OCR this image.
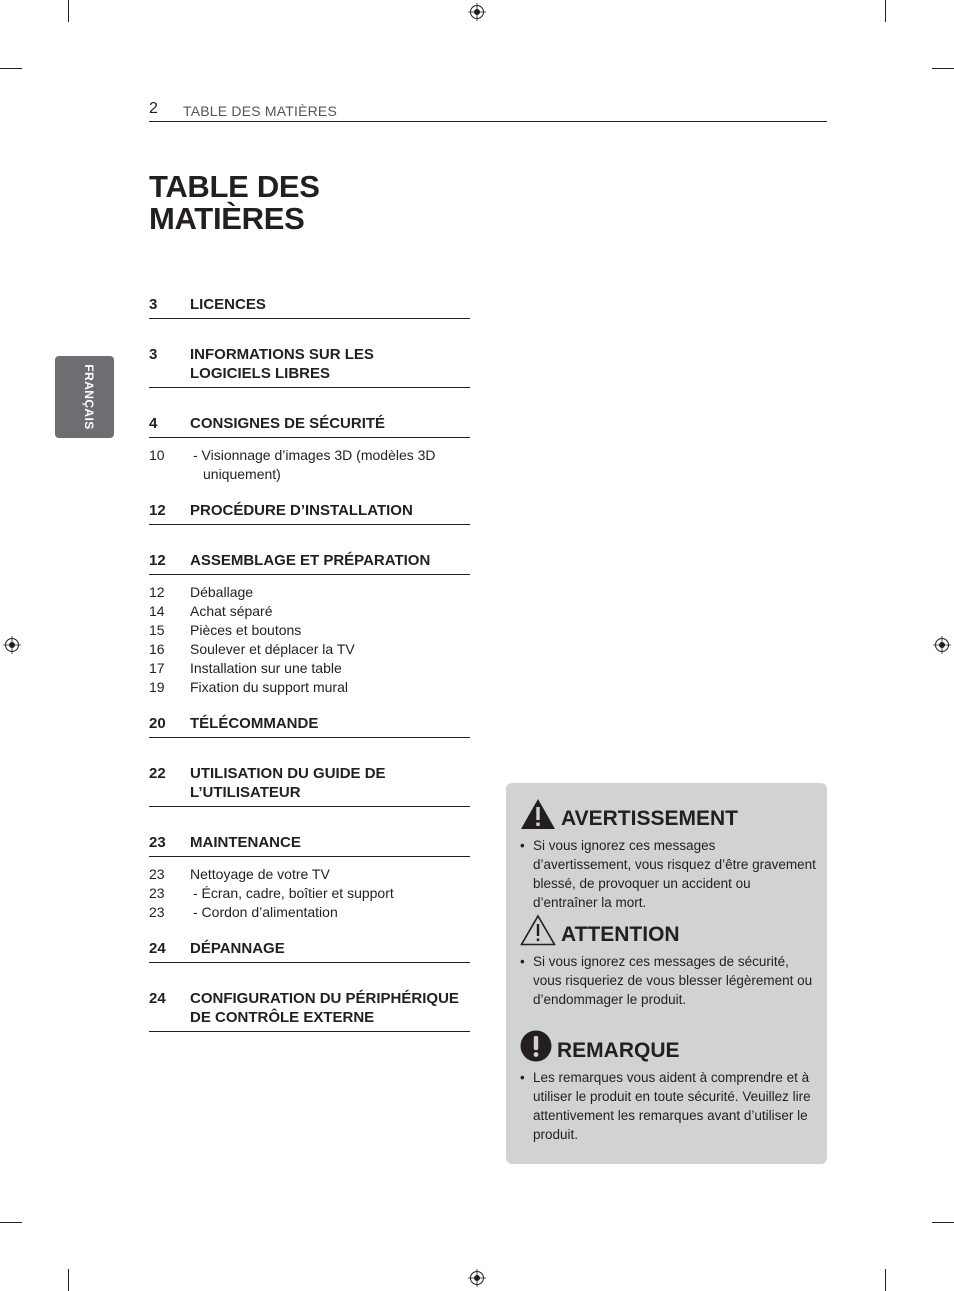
2 TABLE DES MATIÈRES
FRANÇAIS
TABLE DES
MATIÈRES
3	LICENCES
3	INFORMATIONS SUR LES LOGICIELS LIBRES
4	CONSIGNES DE SÉCURITÉ
10	- Visionnage d’images 3D (modèles 3D uniquement)
12	PROCÉDURE D’INSTALLATION
12	ASSEMBLAGE ET PRÉPARATION
12	Déballage
14	Achat séparé
15	Pièces et boutons
16	Soulever et déplacer la TV
17	Installation sur une table
19	Fixation du support mural
20	TÉLÉCOMMANDE
22	UTILISATION DU GUIDE DE L’UTILISATEUR
23	MAINTENANCE
23	Nettoyage de votre TV
23	- Écran, cadre, boîtier et support
23	- Cordon d’alimentation
24	DÉPANNAGE
24	CONFIGURATION DU PÉRIPHÉRIQUE DE CONTRÔLE EXTERNE
AVERTISSEMENT
• Si vous ignorez ces messages d’avertissement, vous risquez d’être gravement blessé, de provoquer un accident ou d’entraîner la mort.
ATTENTION
• Si vous ignorez ces messages de sécurité, vous risqueriez de vous blesser légèrement ou d’endommager le produit.
REMARQUE
• Les remarques vous aident à comprendre et à utiliser le produit en toute sécurité. Veuillez lire attentivement les remarques avant d’utiliser le produit.
